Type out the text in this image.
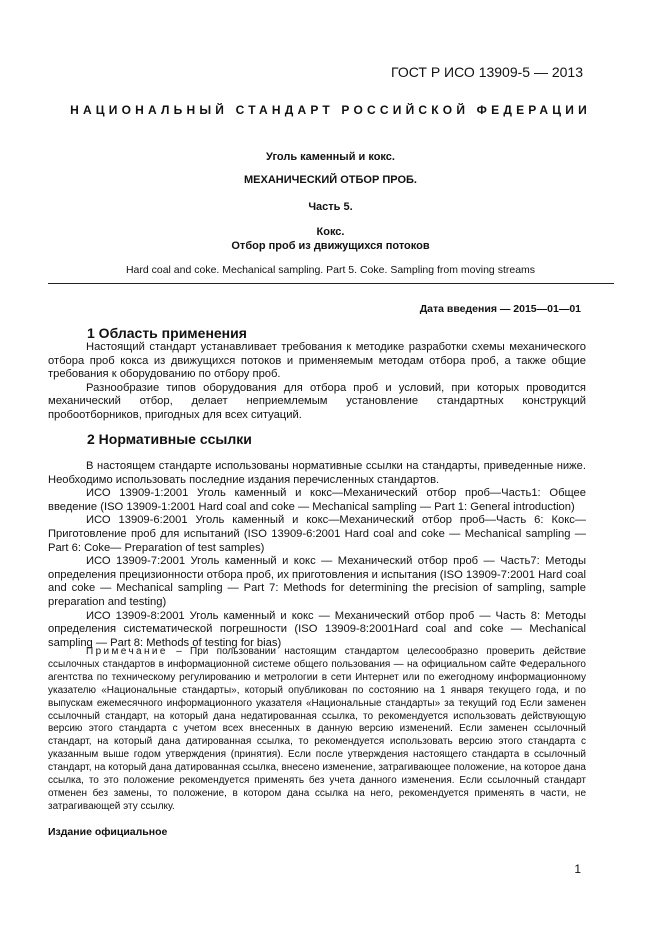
ГОСТ Р ИСО 13909-5 — 2013
НАЦИОНАЛЬНЫЙ СТАНДАРТ РОССИЙСКОЙ ФЕДЕРАЦИИ
Уголь каменный и кокс.
МЕХАНИЧЕСКИЙ ОТБОР ПРОБ.
Часть 5.
Кокс.
Отбор проб из движущихся потоков
Hard coal and coke. Mechanical sampling. Part 5. Coke. Sampling from moving streams
Дата введения — 2015—01—01
1 Область применения

Настоящий стандарт устанавливает требования к методике разработки схемы механического отбора проб кокса из движущихся потоков и применяемым методам отбора проб, а также общие требования к оборудованию по отбору проб.

Разнообразие типов оборудования для отбора проб и условий, при которых проводится механический отбор, делает неприемлемым установление стандартных конструкций пробоотборников, пригодных для всех ситуаций.

2 Нормативные ссылки

В настоящем стандарте использованы нормативные ссылки на стандарты, приведенные ниже. Необходимо использовать последние издания перечисленных стандартов.

ИСО 13909-1:2001 Уголь каменный и кокс—Механический отбор проб—Часть1: Общее введение (ISO 13909-1:2001 Hard coal and coke — Mechanical sampling — Part 1: General introduction)

ИСО 13909-6:2001 Уголь каменный и кокс—Механический отбор проб—Часть 6: Кокс—Приготовление проб для испытаний (ISO 13909-6:2001 Hard coal and coke — Mechanical sampling — Part 6: Coke— Preparation of test samples)

ИСО 13909-7:2001 Уголь каменный и кокс — Механический отбор проб — Часть7: Методы определения прецизионности отбора проб, их приготовления и испытания (ISO 13909-7:2001 Hard coal and coke — Mechanical sampling — Part 7: Methods for determining the precision of sampling, sample preparation and testing)

ИСО 13909-8:2001 Уголь каменный и кокс — Механический отбор проб — Часть 8: Методы определения систематической погрешности (ISO 13909-8:2001Hard coal and coke — Mechanical sampling — Part 8: Methods of testing for bias)

Примечание – При пользовании настоящим стандартом целесообразно проверить действие ссылочных стандартов в информационной системе общего пользования — на официальном сайте Федерального агентства по техническому регулированию и метрологии в сети Интернет или по ежегодному информационному указателю «Национальные стандарты», который опубликован по состоянию на 1 января текущего года, и по выпускам ежемесячного информационного указателя «Национальные стандарты» за текущий год Если заменен ссылочный стандарт, на который дана недатированная ссылка, то рекомендуется использовать действующую версию этого стандарта с учетом всех внесенных в данную версию изменений. Если заменен ссылочный стандарт, на который дана датированная ссылка, то рекомендуется использовать версию этого стандарта с указанным выше годом утверждения (принятия). Если после утверждения настоящего стандарта в ссылочный стандарт, на который дана датированная ссылка, внесено изменение, затрагивающее положение, на которое дана ссылка, то это положение рекомендуется применять без учета данного изменения. Если ссылочный стандарт отменен без замены, то положение, в котором дана ссылка на него, рекомендуется применять в части, не затрагивающей эту ссылку.

Издание официальное
1
